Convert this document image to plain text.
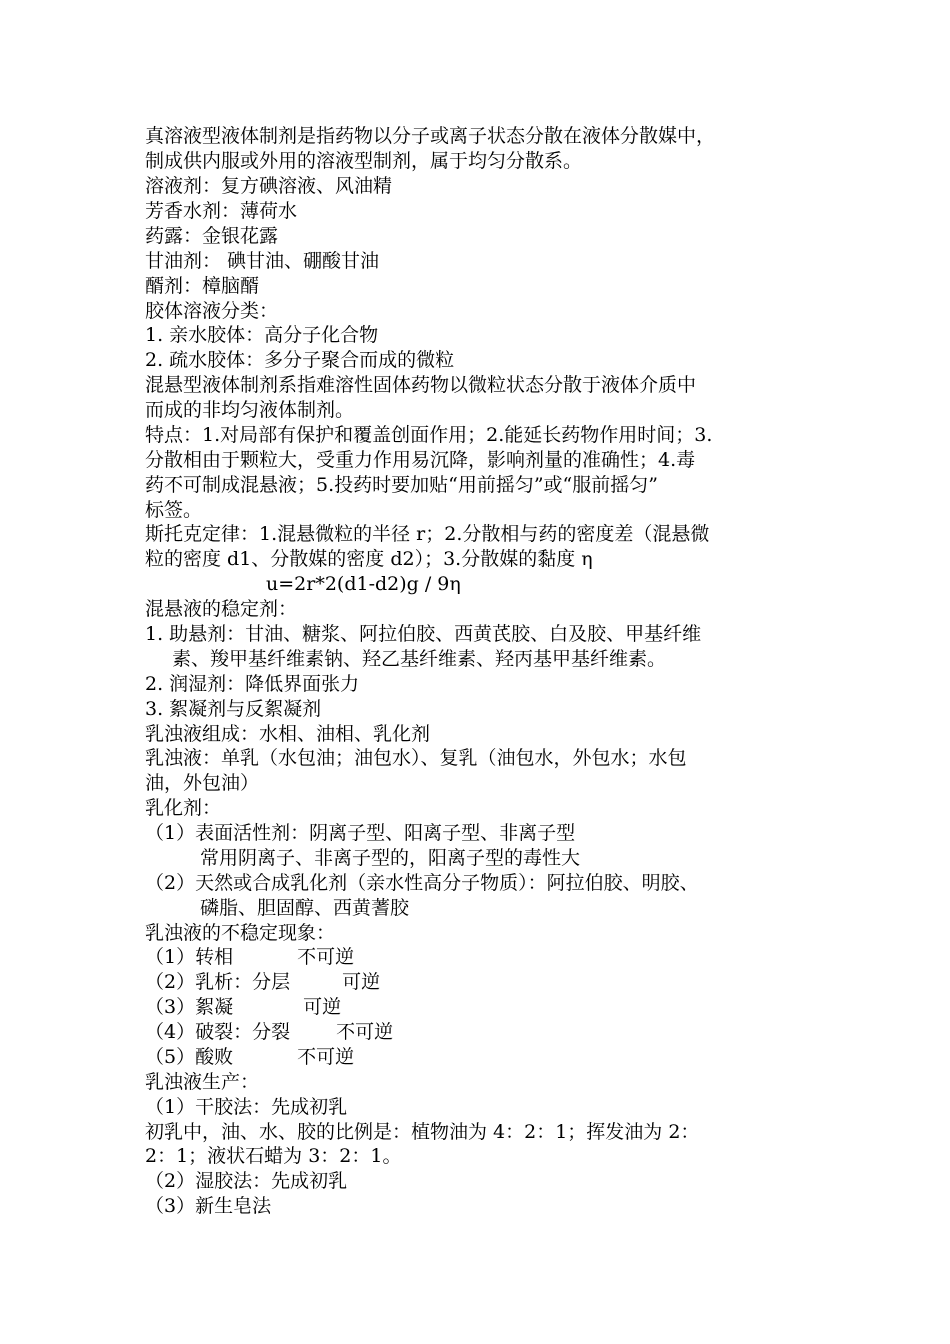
真溶液型液体制剂是指药物以分子或离子状态分散在液体分散媒中，
制成供内服或外用的溶液型制剂，属于均匀分散系。
溶液剂：复方碘溶液、风油精
芳香水剂：薄荷水
药露：金银花露
甘油剂： 碘甘油、硼酸甘油
醑剂：樟脑醑
胶体溶液分类：
1. 亲水胶体：高分子化合物
2. 疏水胶体：多分子聚合而成的微粒
混悬型液体制剂系指难溶性固体药物以微粒状态分散于液体介质中
而成的非均匀液体制剂。
特点：1.对局部有保护和覆盖创面作用；2.能延长药物作用时间；3.
分散相由于颗粒大，受重力作用易沉降，影响剂量的准确性；4.毒
药不可制成混悬液；5.投药时要加贴“用前摇匀”或“服前摇匀”
标签。
斯托克定律：1.混悬微粒的半径 r；2.分散相与药的密度差（混悬微
粒的密度 d1、分散媒的密度 d2）；3.分散媒的黏度 η
u=2r*2(d1-d2)g / 9η
混悬液的稳定剂：
1. 助悬剂：甘油、糖浆、阿拉伯胶、西黄芪胶、白及胶、甲基纤维
素、羧甲基纤维素钠、羟乙基纤维素、羟丙基甲基纤维素。
2. 润湿剂：降低界面张力
3. 絮凝剂与反絮凝剂
乳浊液组成：水相、油相、乳化剂
乳浊液：单乳（水包油；油包水）、复乳（油包水，外包水；水包
油，外包油）
乳化剂：
（1）表面活性剂：阴离子型、阳离子型、非离子型
常用阴离子、非离子型的，阳离子型的毒性大
（2）天然或合成乳化剂（亲水性高分子物质）：阿拉伯胶、明胶、
磷脂、胆固醇、西黄蓍胶
乳浊液的不稳定现象：
（1）转相	不可逆
（2）乳析：分层	可逆
（3）絮凝	可逆
（4）破裂：分裂 不可逆
（5）酸败	不可逆
乳浊液生产：
（1）干胶法：先成初乳
初乳中，油、水、胶的比例是：植物油为 4：2：1；挥发油为 2：
2：1；液状石蜡为 3：2：1。
（2）湿胶法：先成初乳
（3）新生皂法
